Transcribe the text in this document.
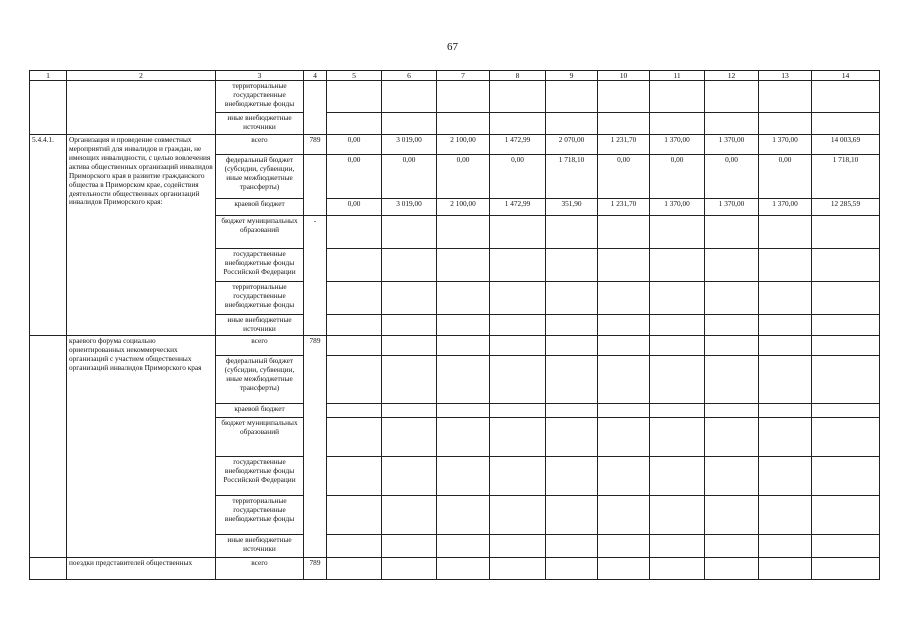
67
1	2	3	4	5	6	7	8	9	10	11	12	13	14
		территориальные государственные внебюджетные фонды											
		иные внебюджетные источники											
5.4.4.1.	Организация и проведение совместных мероприятий для инвалидов и граждан, не имеющих инвалидности, с целью вовлечения актива общественных организаций инвалидов Приморского края в развитие гражданского общества в Приморском крае, содействия деятельности общественных организаций инвалидов Приморского края:	всего	789	0,00	3 019,00	2 100,00	1 472,99	2 070,00	1 231,70	1 370,00	1 370,00	1 370,00	14 003,69
		федеральный бюджет (субсидии, субвенции, иные межбюджетные трансферты)		0,00	0,00	0,00	0,00	1 718,10	0,00	0,00	0,00	0,00	1 718,10
		краевой бюджет		0,00	3 019,00	2 100,00	1 472,99	351,90	1 231,70	1 370,00	1 370,00	1 370,00	12 285,59
		бюджет муниципальных образований	-										
		государственные внебюджетные фонды Российской Федерации											
		территориальные государственные внебюджетные фонды											
		иные внебюджетные источники											
	краевого форума социально ориентированных некоммерческих организаций с участием общественных организаций инвалидов Приморского края	всего	789										
		федеральный бюджет (субсидии, субвенции, иные межбюджетные трансферты)											
		краевой бюджет											
		бюджет муниципальных образований											
		государственные внебюджетные фонды Российской Федерации											
		территориальные государственные внебюджетные фонды											
		иные внебюджетные источники											
	поездки представителей общественных	всего	789										
